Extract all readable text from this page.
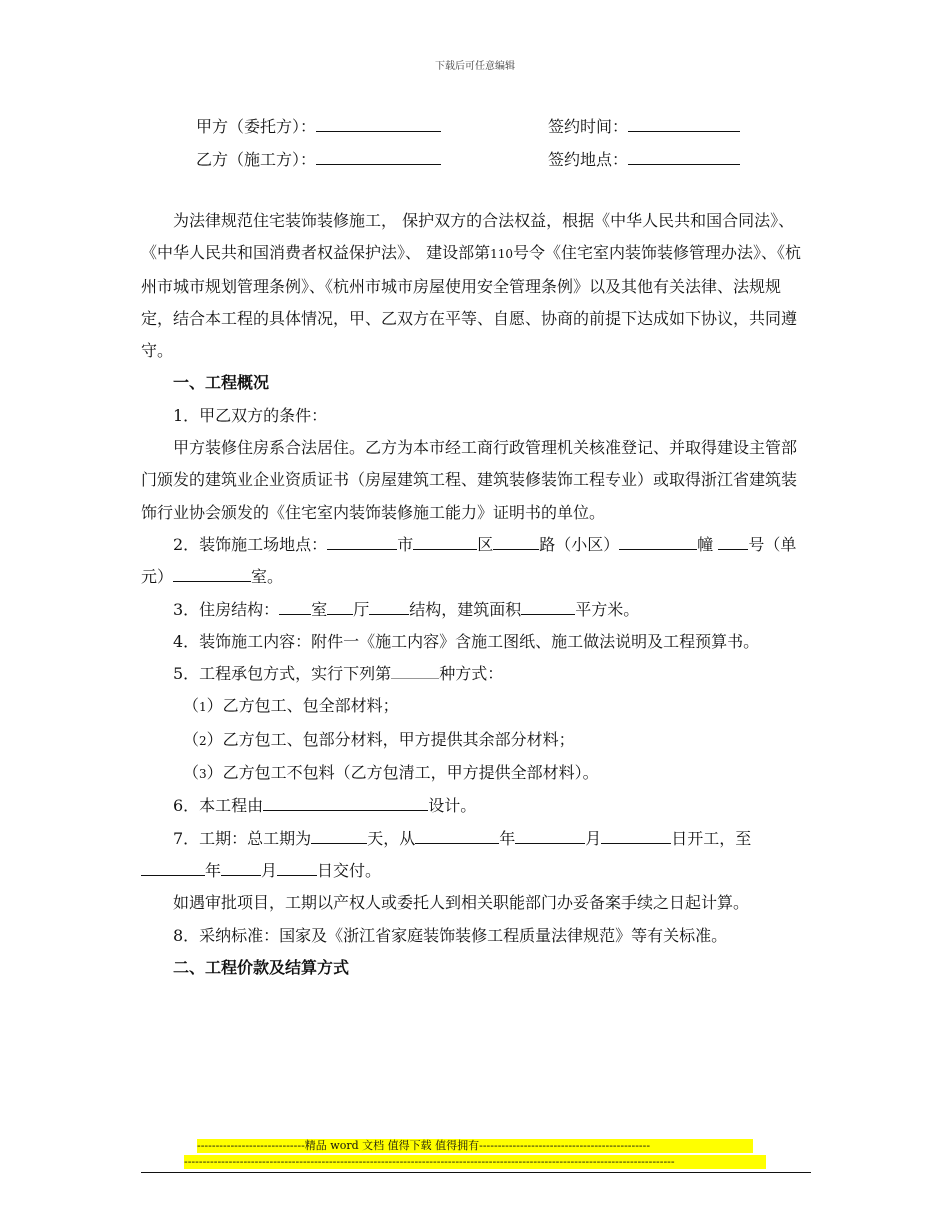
下载后可任意编辑
甲方（委托方）：	签约时间：
乙方（施工方）：	签约地点：

为法律规范住宅装饰装修施工， 保护双方的合法权益，根据《中华人民共和国合同法》、《中华人民共和国消费者权益保护法》、 建设部第110号令《住宅室内装饰装修管理办法》、《杭州市城市规划管理条例》、《杭州市城市房屋使用安全管理条例》以及其他有关法律、法规规定，结合本工程的具体情况，甲、乙双方在平等、自愿、协商的前提下达成如下协议，共同遵守。

一、工程概况

1．甲乙双方的条件：

甲方装修住房系合法居住。乙方为本市经工商行政管理机关核准登记、并取得建设主管部门颁发的建筑业企业资质证书（房屋建筑工程、建筑装修装饰工程专业）或取得浙江省建筑装饰行业协会颁发的《住宅室内装饰装修施工能力》证明书的单位。

2．装饰施工场地点：	市	区	路（小区）	幢 号（单元）	室。

3．住房结构： 室 厅	结构，建筑面积	平方米。

4．装饰施工内容：附件一《施工内容》含施工图纸、施工做法说明及工程预算书。

5．工程承包方式，实行下列第	种方式：

（1）乙方包工、包全部材料；

（2）乙方包工、包部分材料，甲方提供其余部分材料；

（3）乙方包工不包料（乙方包清工，甲方提供全部材料）。

6．本工程由	设计。

7．工期：总工期为	天，从	年	月	日开工，至年	月	日交付。

如遇审批项目，工期以产权人或委托人到相关职能部门办妥备案手续之日起计算。

8．采纳标准：国家及《浙江省家庭装饰装修工程质量法律规范》等有关标准。

二、工程价款及结算方式

-----------------------------精品 word 文档 值得下载 值得拥有----------------------------------------------
------------------------------------------------------------------------------------------------------------------------------------
